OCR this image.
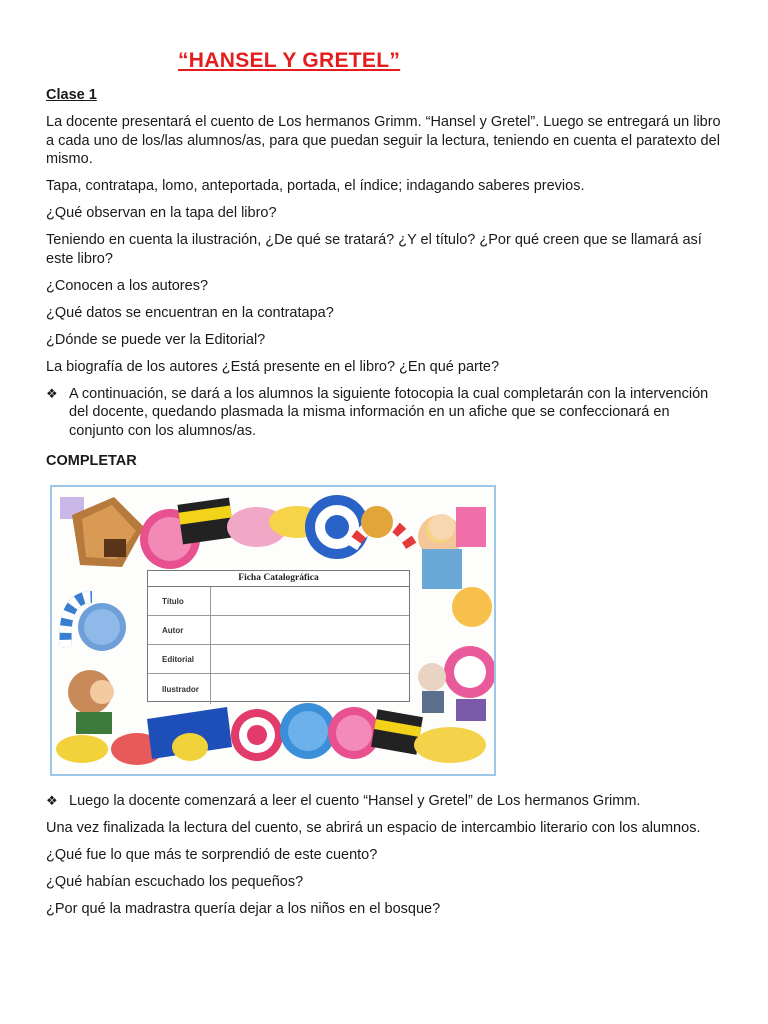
“HANSEL Y GRETEL”

Clase 1

La docente presentará el cuento de Los hermanos Grimm. “Hansel y Gretel”. Luego se entregará un libro a cada uno de los/las alumnos/as, para que puedan seguir la lectura, teniendo en cuenta el paratexto del mismo.

Tapa, contratapa, lomo, anteportada, portada, el índice; indagando saberes previos.

¿Qué observan en la tapa del libro?

Teniendo en cuenta la ilustración, ¿De qué se tratará? ¿Y el título? ¿Por qué creen que se llamará así este libro?

¿Conocen a los autores?

¿Qué datos se encuentran en la contratapa?

¿Dónde se puede ver la Editorial?

La biografía de los autores ¿Está presente en el libro? ¿En qué parte?

❖ A continuación, se dará a los alumnos la siguiente fotocopia la cual completarán con la intervención del docente, quedando plasmada la misma información en un afiche que se confeccionará en conjunto con los alumnos/as.

COMPLETAR

Ficha Catalográfica
Título
Autor
Editorial
Ilustrador
❖ Luego la docente comenzará a leer el cuento “Hansel y Gretel” de Los hermanos Grimm.

Una vez finalizada la lectura del cuento, se abrirá un espacio de intercambio literario con los alumnos.

¿Qué fue lo que más te sorprendió de este cuento?

¿Qué habían escuchado los pequeños?

¿Por qué la madrastra quería dejar a los niños en el bosque?
